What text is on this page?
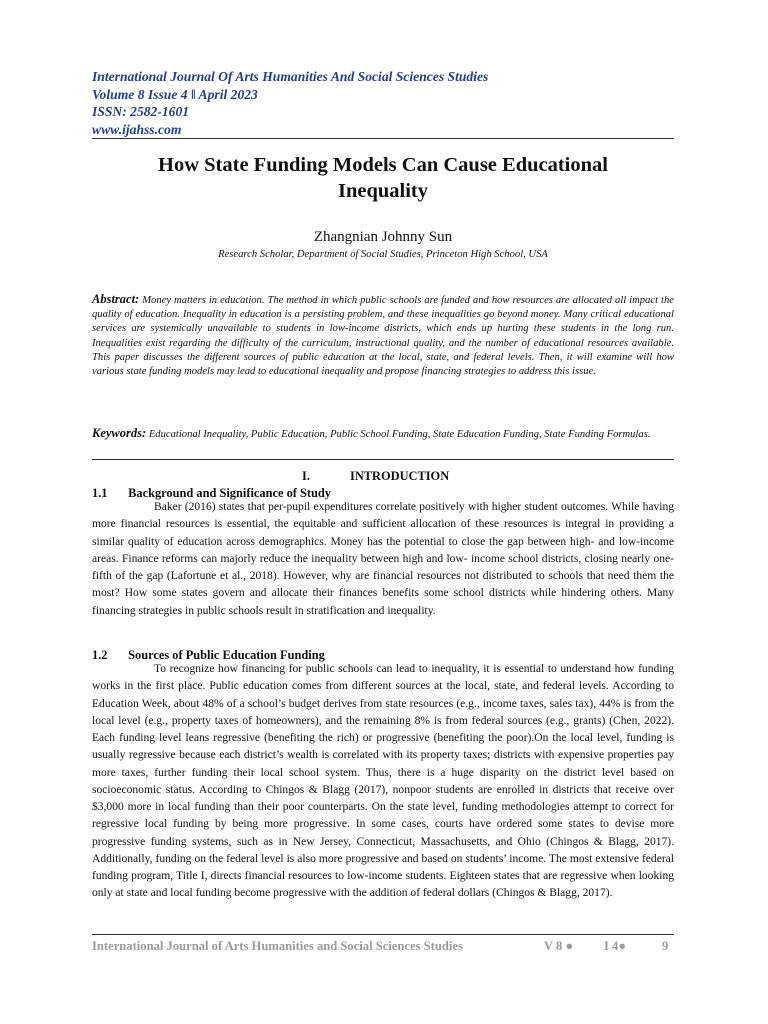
International Journal Of Arts Humanities And Social Sciences Studies
Volume 8 Issue 4 ǁ April 2023
ISSN: 2582-1601
www.ijahss.com
How State Funding Models Can Cause Educational
Inequality
Zhangnian Johnny Sun
Research Scholar, Department of Social Studies, Princeton High School, USA
Abstract: Money matters in education. The method in which public schools are funded and how resources are allocated all impact the quality of education. Inequality in education is a persisting problem, and these inequalities go beyond money. Many critical educational services are systemically unavailable to students in low-income districts, which ends up hurting these students in the long run. Inequalities exist regarding the difficulty of the curriculum, instructional quality, and the number of educational resources available. This paper discusses the different sources of public education at the local, state, and federal levels. Then, it will examine will how various state funding models may lead to educational inequality and propose financing strategies to address this issue.
Keywords: Educational Inequality, Public Education, Public School Funding, State Education Funding, State Funding Formulas.
I.	INTRODUCTION
1.1 Background and Significance of Study

Baker (2016) states that per-pupil expenditures correlate positively with higher student outcomes. While having more financial resources is essential, the equitable and sufficient allocation of these resources is integral in providing a similar quality of education across demographics. Money has the potential to close the gap between high- and low-income areas. Finance reforms can majorly reduce the inequality between high and low- income school districts, closing nearly one-fifth of the gap (Lafortune et al., 2018). However, why are financial resources not distributed to schools that need them the most? How some states govern and allocate their finances benefits some school districts while hindering others. Many financing strategies in public schools result in stratification and inequality.

1.2 Sources of Public Education Funding

To recognize how financing for public schools can lead to inequality, it is essential to understand how funding works in the first place. Public education comes from different sources at the local, state, and federal levels. According to Education Week, about 48% of a school’s budget derives from state resources (e.g., income taxes, sales tax), 44% is from the local level (e.g., property taxes of homeowners), and the remaining 8% is from federal sources (e.g., grants) (Chen, 2022). Each funding level leans regressive (benefiting the rich) or progressive (benefiting the poor).On the local level, funding is usually regressive because each district’s wealth is correlated with its property taxes; districts with expensive properties pay more taxes, further funding their local school system. Thus, there is a huge disparity on the district level based on socioeconomic status. According to Chingos & Blagg (2017), nonpoor students are enrolled in districts that receive over $3,000 more in local funding than their poor counterparts. On the state level, funding methodologies attempt to correct for regressive local funding by being more progressive. In some cases, courts have ordered some states to devise more progressive funding systems, such as in New Jersey, Connecticut, Massachusetts, and Ohio (Chingos & Blagg, 2017). Additionally, funding on the federal level is also more progressive and based on students’ income. The most extensive federal funding program, Title I, directs financial resources to low-income students. Eighteen states that are regressive when looking only at state and local funding become progressive with the addition of federal dollars (Chingos & Blagg, 2017).

International Journal of Arts Humanities and Social Sciences Studies	V 8 ● I 4●	9
